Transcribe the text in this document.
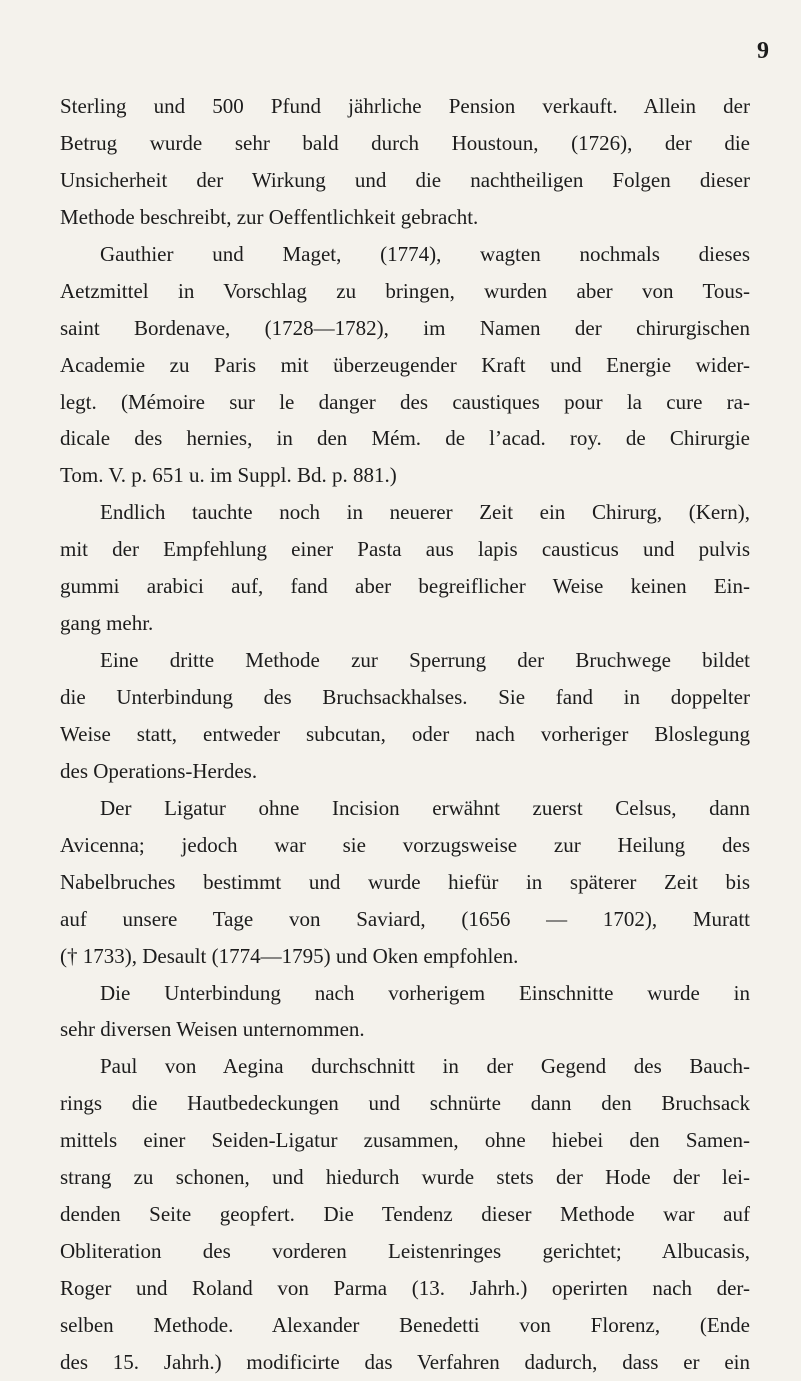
9
Sterling und 500 Pfund jährliche Pension verkauft. Allein der
Betrug wurde sehr bald durch Houstoun, (1726), der die
Unsicherheit der Wirkung und die nachtheiligen Folgen dieser
Methode beschreibt, zur Oeffentlichkeit gebracht.
Gauthier und Maget, (1774), wagten nochmals dieses
Aetzmittel in Vorschlag zu bringen, wurden aber von Tous-
saint Bordenave, (1728—1782), im Namen der chirurgischen
Academie zu Paris mit überzeugender Kraft und Energie wider-
legt. (Mémoire sur le danger des caustiques pour la cure ra-
dicale des hernies, in den Mém. de l’acad. roy. de Chirurgie
Tom. V. p. 651 u. im Suppl. Bd. p. 881.)
Endlich tauchte noch in neuerer Zeit ein Chirurg, (Kern),
mit der Empfehlung einer Pasta aus lapis causticus und pulvis
gummi arabici auf, fand aber begreiflicher Weise keinen Ein-
gang mehr.
Eine dritte Methode zur Sperrung der Bruchwege bildet
die Unterbindung des Bruchsackhalses. Sie fand in doppelter
Weise statt, entweder subcutan, oder nach vorheriger Bloslegung
des Operations-Herdes.
Der Ligatur ohne Incision erwähnt zuerst Celsus, dann
Avicenna; jedoch war sie vorzugsweise zur Heilung des
Nabelbruches bestimmt und wurde hiefür in späterer Zeit bis
auf unsere Tage von Saviard, (1656 — 1702), Muratt
(† 1733), Desault (1774—1795) und Oken empfohlen.
Die Unterbindung nach vorherigem Einschnitte wurde in
sehr diversen Weisen unternommen.
Paul von Aegina durchschnitt in der Gegend des Bauch-
rings die Hautbedeckungen und schnürte dann den Bruchsack
mittels einer Seiden-Ligatur zusammen, ohne hiebei den Samen-
strang zu schonen, und hiedurch wurde stets der Hode der lei-
denden Seite geopfert. Die Tendenz dieser Methode war auf
Obliteration des vorderen Leistenringes gerichtet; Albucasis,
Roger und Roland von Parma (13. Jahrh.) operirten nach der-
selben Methode. Alexander Benedetti von Florenz, (Ende
des 15. Jahrh.) modificirte das Verfahren dadurch, dass er ein
